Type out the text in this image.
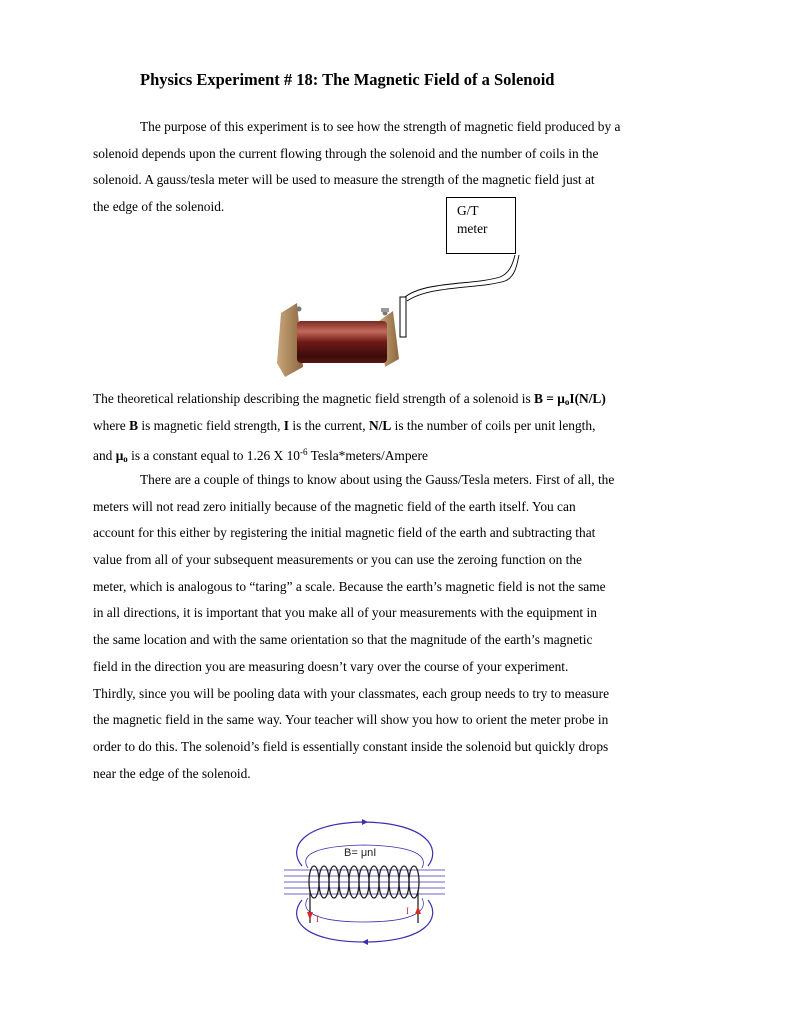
Physics Experiment # 18: The Magnetic Field of a Solenoid
The purpose of this experiment is to see how the strength of magnetic field produced by a
solenoid depends upon the current flowing through the solenoid and the number of coils in the
solenoid. A gauss/tesla meter will be used to measure the strength of the magnetic field just at
the edge of the solenoid.	G/T
meter
The theoretical relationship describing the magnetic field strength of a solenoid is $B = \mu_oI(N/L)$
where B is magnetic field strength, I is the current, N/L is the number of coils per unit length,
and $\mu_o$ is a constant equal to 1.26 X $10^{-6}$ Tesla*meters/Ampere
There are a couple of things to know about using the Gauss/Tesla meters. First of all, the
meters will not read zero initially because of the magnetic field of the earth itself. You can
account for this either by registering the initial magnetic field of the earth and subtracting that
value from all of your subsequent measurements or you can use the zeroing function on the
meter, which is analogous to “taring” a scale. Because the earth’s magnetic field is not the same
in all directions, it is important that you make all of your measurements with the equipment in
the same location and with the same orientation so that the magnitude of the earth’s magnetic
field in the direction you are measuring doesn’t vary over the course of your experiment.
Thirdly, since you will be pooling data with your classmates, each group needs to try to measure
the magnetic field in the same way. Your teacher will show you how to orient the meter probe in
order to do this. The solenoid’s field is essentially constant inside the solenoid but quickly drops
near the edge of the solenoid.
I
I
B= μnI
